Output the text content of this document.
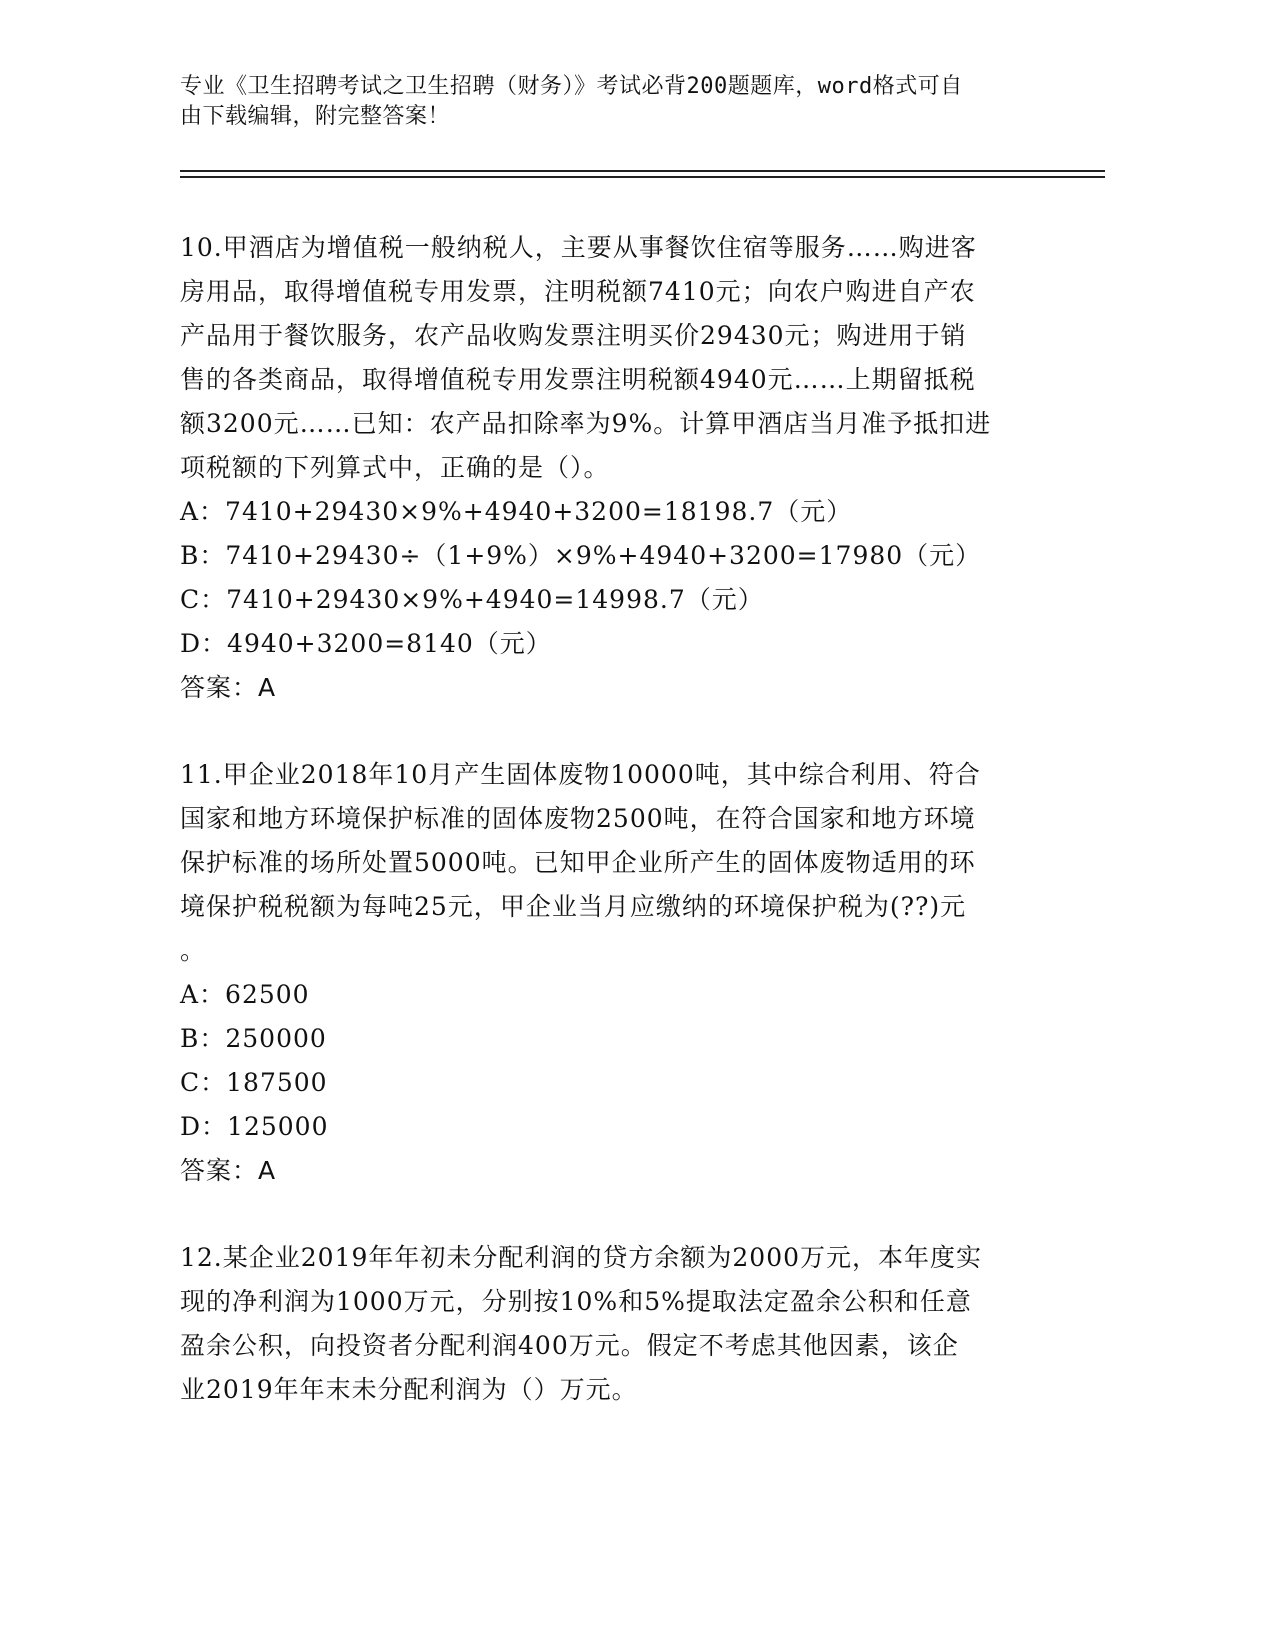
专业《卫生招聘考试之卫生招聘（财务）》考试必背200题题库，word格式可自
由下载编辑，附完整答案！
10.甲酒店为增值税一般纳税人，主要从事餐饮住宿等服务……购进客
房用品，取得增值税专用发票，注明税额7410元；向农户购进自产农
产品用于餐饮服务，农产品收购发票注明买价29430元；购进用于销
售的各类商品，取得增值税专用发票注明税额4940元……上期留抵税
额3200元……已知：农产品扣除率为9%。计算甲酒店当月准予抵扣进
项税额的下列算式中，正确的是（）。
A：7410+29430×9%+4940+3200=18198.7（元）
B：7410+29430÷（1+9%）×9%+4940+3200=17980（元）
C：7410+29430×9%+4940=14998.7（元）
D：4940+3200=8140（元）
答案：A
11.甲企业2018年10月产生固体废物10000吨，其中综合利用、符合
国家和地方环境保护标准的固体废物2500吨，在符合国家和地方环境
保护标准的场所处置5000吨。已知甲企业所产生的固体废物适用的环
境保护税税额为每吨25元，甲企业当月应缴纳的环境保护税为(??)元
。
A：62500
B：250000
C：187500
D：125000
答案：A
12.某企业2019年年初未分配利润的贷方余额为2000万元，本年度实
现的净利润为1000万元，分别按10%和5%提取法定盈余公积和任意
盈余公积，向投资者分配利润400万元。假定不考虑其他因素，该企
业2019年年末未分配利润为（）万元。
